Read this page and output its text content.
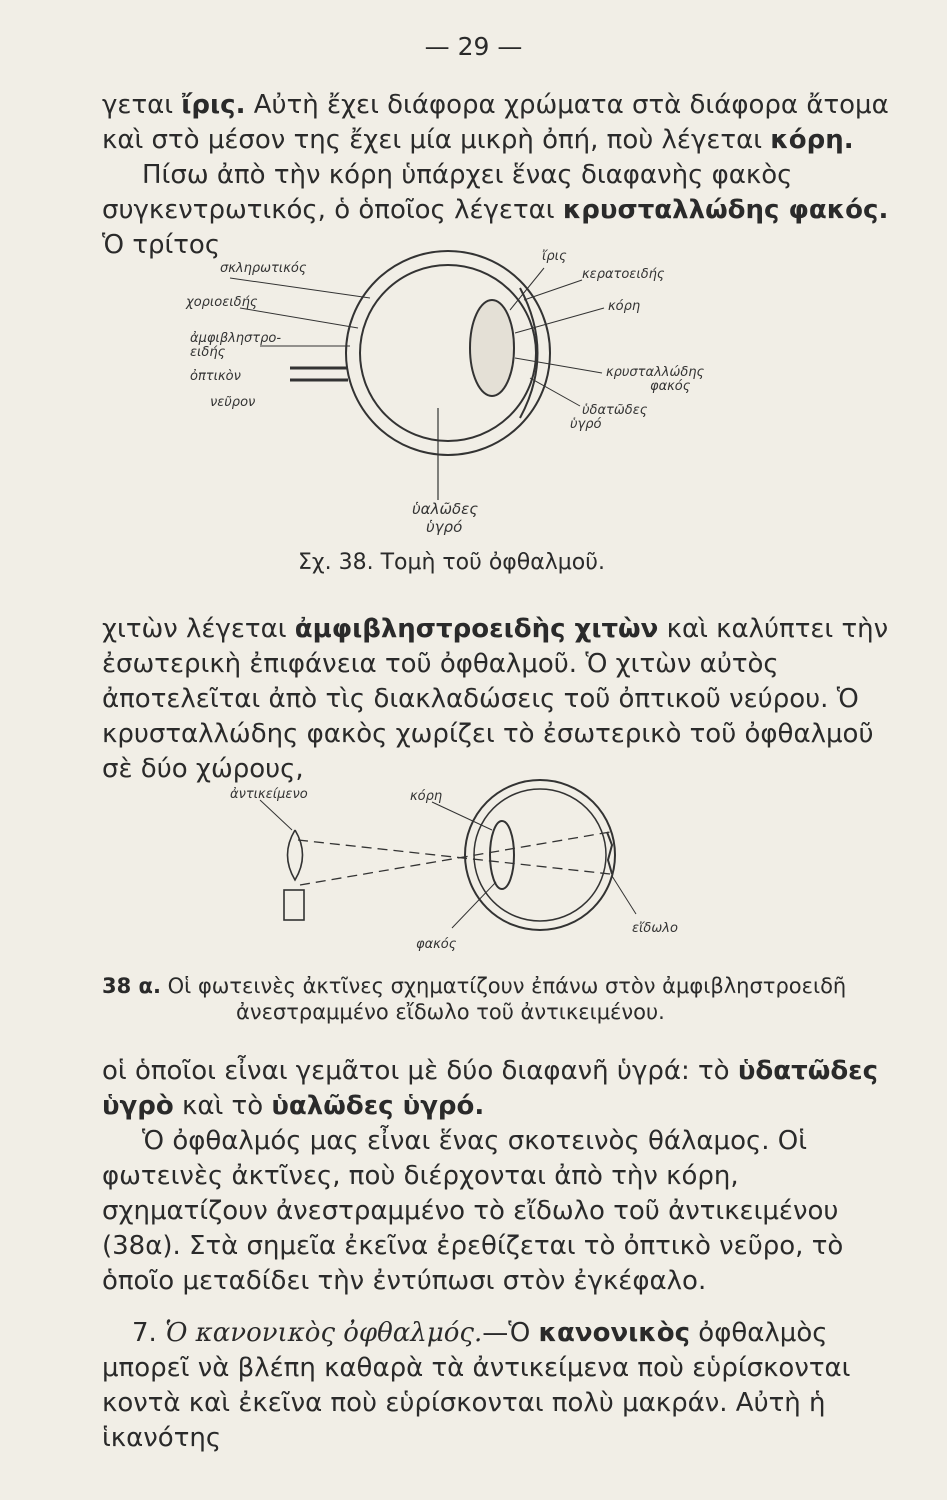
— 29 —

γεται ἴρις. Αὐτὴ ἔχει διάφορα χρώματα στὰ διάφορα ἄτομα καὶ στὸ μέσον της ἔχει μία μικρὴ ὀπή, ποὺ λέγεται κόρη.

Πίσω ἀπὸ τὴν κόρη ὑπάρχει ἕνας διαφανὴς φακὸς συγκεντρωτικός, ὁ ὁποῖος λέγεται κρυσταλλώδης φακός. Ὁ τρίτος

σκληρωτικός
χοριοειδής
ἀμφιβληστρο-
ειδής
ὀπτικὸν
νεῦρον
ἴρις
κερατοειδής
κόρη
κρυσταλλώδης
φακός
ὑδατῶδες
ὑγρό
ὑαλῶδες
ὑγρό
Σχ. 38. Τομὴ τοῦ ὀφθαλμοῦ.

χιτὼν λέγεται ἀμφιβληστροειδὴς χιτὼν καὶ καλύπτει τὴν ἐσωτερικὴ ἐπιφάνεια τοῦ ὀφθαλμοῦ. Ὁ χιτὼν αὐτὸς ἀποτελεῖται ἀπὸ τὶς διακλαδώσεις τοῦ ὀπτικοῦ νεύρου. Ὁ κρυσταλλώδης φακὸς χωρίζει τὸ ἐσωτερικὸ τοῦ ὀφθαλμοῦ σὲ δύο χώρους,

ἀντικείμενο	κόρη
εἴδωλο
φακός
38 α. Οἱ φωτεινὲς ἀκτῖνες σχηματίζουν ἐπάνω στὸν ἀμφιβληστροειδῆ
ἀνεστραμμένο εἴδωλο τοῦ ἀντικειμένου.

οἱ ὁποῖοι εἶναι γεμᾶτοι μὲ δύο διαφανῆ ὑγρά: τὸ ὑδατῶδες ὑγρὸ καὶ τὸ ὑαλῶδες ὑγρό.

Ὁ ὀφθαλμός μας εἶναι ἕνας σκοτεινὸς θάλαμος. Οἱ φωτεινὲς ἀκτῖνες, ποὺ διέρχονται ἀπὸ τὴν κόρη, σχηματίζουν ἀνεστραμμένο τὸ εἴδωλο τοῦ ἀντικειμένου (38α). Στὰ σημεῖα ἐκεῖνα ἐρεθίζεται τὸ ὀπτικὸ νεῦρο, τὸ ὁποῖο μεταδίδει τὴν ἐντύπωσι στὸν ἐγκέφαλο.

7. Ὁ κανονικὸς ὀφθαλμός.—Ὁ κανονικὸς ὀφθαλμὸς μπορεῖ νὰ βλέπη καθαρὰ τὰ ἀντικείμενα ποὺ εὑρίσκονται κοντὰ καὶ ἐκεῖνα ποὺ εὑρίσκονται πολὺ μακράν. Αὐτὴ ἡ ἱκανότης
